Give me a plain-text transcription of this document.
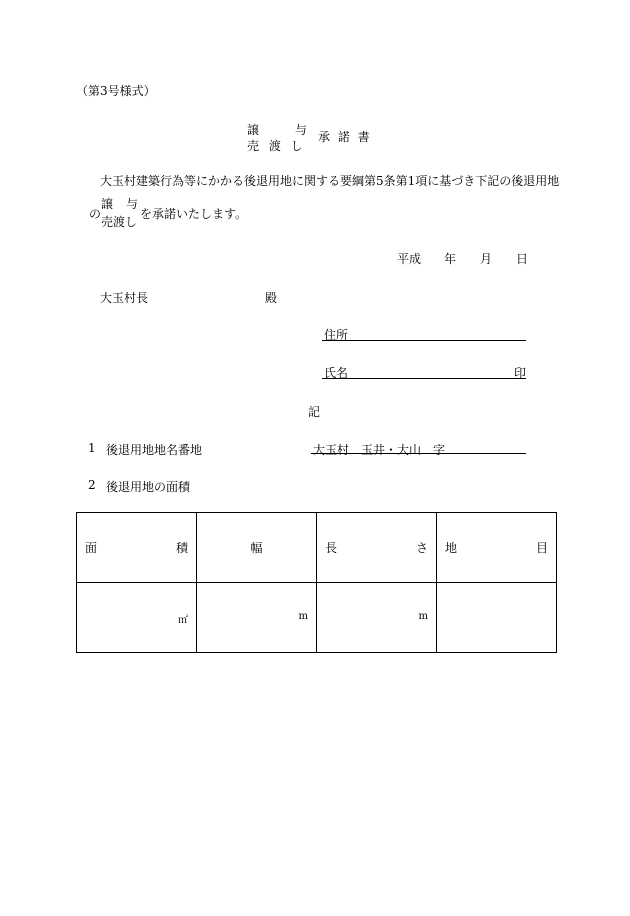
（第3号様式）
譲	与
売 渡 し
承 諾 書
大玉村建築行為等にかかる後退用地に関する要綱第5条第1項に基づき下記の後退用地
の
譲 与
売渡し
を承諾いたします。
平成 年 月 日
大玉村長	殿
住所
氏名	印
記
1 後退用地地名番地	大玉村　玉井・大山　字
2 後退用地の面積
面 積	幅	長 さ	地 目

㎡	m	m	
